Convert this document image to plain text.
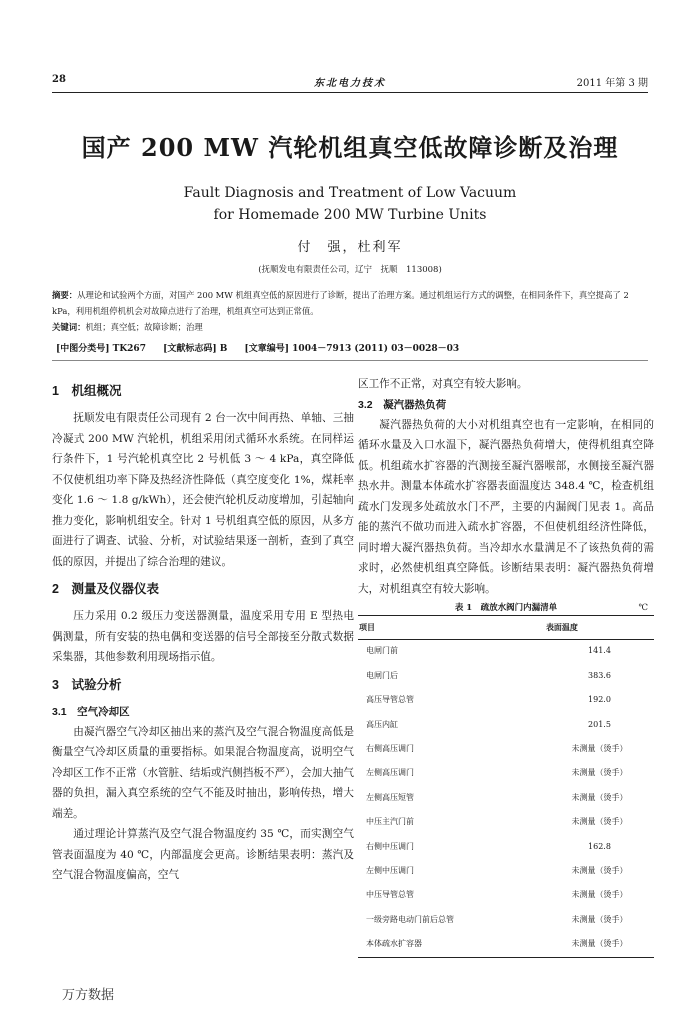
28	东北电力技术	2011 年第 3 期
国产 200 MW 汽轮机组真空低故障诊断及治理
Fault Diagnosis and Treatment of Low Vacuum
for Homemade 200 MW Turbine Units
付　强，杜利军
(抚顺发电有限责任公司，辽宁　抚顺　113008)
摘要：从理论和试验两个方面，对国产 200 MW 机组真空低的原因进行了诊断，提出了治理方案。通过机组运行方式的调整，在相同条件下，真空提高了 2 kPa，利用机组停机机会对故障点进行了治理，机组真空可达到正常值。
关键词：机组；真空低；故障诊断；治理
[中图分类号] TK267 [文献标志码] B [文章编号] 1004－7913 (2011) 03－0028－03
1　机组概况

抚顺发电有限责任公司现有 2 台一次中间再热、单轴、三抽冷凝式 200 MW 汽轮机，机组采用闭式循环水系统。在同样运行条件下，1 号汽轮机真空比 2 号机低 3 ～ 4 kPa，真空降低不仅使机组功率下降及热经济性降低（真空度变化 1%，煤耗率变化 1.6 ～ 1.8 g/kWh），还会使汽轮机反动度增加，引起轴向推力变化，影响机组安全。针对 1 号机组真空低的原因，从多方面进行了调查、试验、分析，对试验结果逐一剖析，查到了真空低的原因，并提出了综合治理的建议。

2　测量及仪器仪表

压力采用 0.2 级压力变送器测量，温度采用专用 E 型热电偶测量，所有安装的热电偶和变送器的信号全部接至分散式数据采集器，其他参数利用现场指示值。

3　试验分析
3.1　空气冷却区

由凝汽器空气冷却区抽出来的蒸汽及空气混合物温度高低是衡量空气冷却区质量的重要指标。如果混合物温度高，说明空气冷却区工作不正常（水管脏、结垢或汽侧挡板不严），会加大抽气器的负担，漏入真空系统的空气不能及时抽出，影响传热，增大端差。

通过理论计算蒸汽及空气混合物温度约 35 ℃，而实测空气管表面温度为 40 ℃，内部温度会更高。诊断结果表明：蒸汽及空气混合物温度偏高，空气

区工作不正常，对真空有较大影响。

3.2　凝汽器热负荷

凝汽器热负荷的大小对机组真空也有一定影响，在相同的循环水量及入口水温下，凝汽器热负荷增大，使得机组真空降低。机组疏水扩容器的汽测接至凝汽器喉部，水侧接至凝汽器热水井。测量本体疏水扩容器表面温度达 348.4 ℃，检查机组疏水门发现多处疏放水门不严，主要的内漏阀门见表 1。高品能的蒸汽不做功而进入疏水扩容器，不但使机组经济性降低，同时增大凝汽器热负荷。当冷却水水量满足不了该热负荷的需求时，必然使机组真空降低。诊断结果表明：凝汽器热负荷增大，对机组真空有较大影响。

表 1　疏放水阀门内漏清单	℃
项目	表面温度
电闸门前	141.4
电闸门后	383.6
高压导管总管	192.0
高压内缸	201.5
右侧高压调门	未测量（烫手）
左侧高压调门	未测量（烫手）
左侧高压短管	未测量（烫手）
中压主汽门前	未测量（烫手）
右侧中压调门	162.8
左侧中压调门	未测量（烫手）
中压导管总管	未测量（烫手）
一级旁路电动门前后总管	未测量（烫手）
本体疏水扩容器	未测量（烫手）
万方数据
